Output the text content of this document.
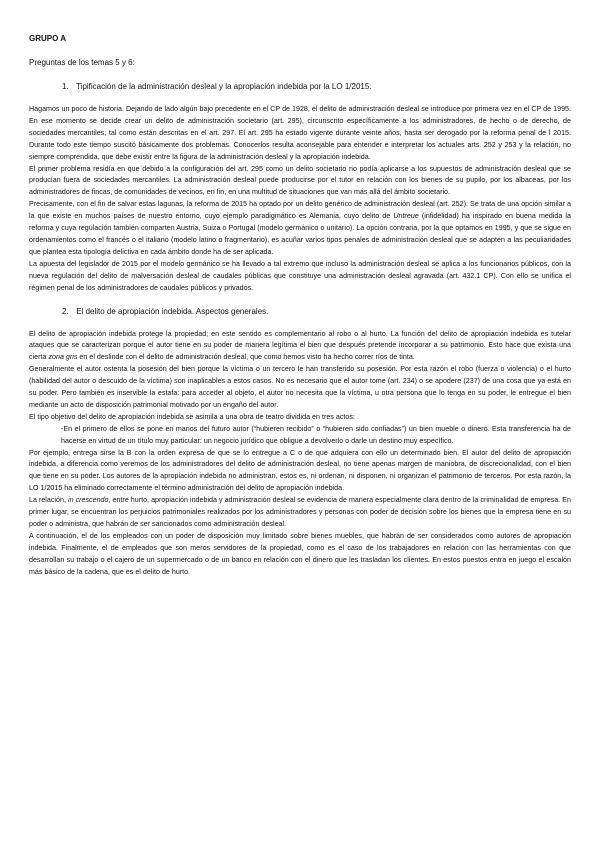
GRUPO A

Preguntas de los temas 5 y 6:
1. Tipificación de la administración desleal y la apropiación indebida por la LO 1/2015.

Hagamos un poco de historia. Dejando de lado algún bajo precedente en el CP de 1928, el delito de administración desleal se introduce por primera vez en el CP de 1995. En ese momento se decide crear un delito de administración societario (art. 295), circunscrito específicamente a los administradores, de hecho o de derecho, de sociedades mercantiles, tal como están descritas en el art. 297. El art. 295 ha estado vigente durante veinte años, hasta ser derogado por la reforma penal de l 2015. Durante todo este tiempo suscitó básicamente dos problemas. Conocerlos resulta aconsejable para entender e interpretar los actuales arts. 252 y 253 y la relación, no siempre comprendida, que debe existir entre la figura de la administración desleal y la apropiación indebida.

El primer problema residía en que debido a la configuración del art. 295 como un delito societario no podía aplicarse a los supuestos de administración desleal que se producían fuera de sociedades mercantiles. La administración desleal puede producirse por el tutor en relación con los bienes de su pupilo, por los albaceas, por los administradores de fincas, de comunidades de vecinos, en fin, en una multitud de situaciones que van más allá del ámbito societario.

Precisamente, con el fin de salvar estas lagunas, la reforma de 2015 ha optado por un delito genérico de administración desleal (art. 252). Se trata de una opción similar a la que existe en muchos países de nuestro entorno, cuyo ejemplo paradigmático es Alemania, cuyo delito de Untreue (infidelidad) ha inspirado en buena medida la reforma y cuya regulación también comparten Austria, Suiza o Portugal (modelo germánico o unitario). La opción contraria, por la que optamos en 1995, y que se sigue en ordenamientos como el francés o el italiano (modelo latino o fragmentario), es acuñar varios tipos penales de administración desleal que se adapten a las peculiaridades que plantea esta tipología delictiva en cada ámbito donde ha de ser aplicada.

La apuesta del legislador de 2015 por el modelo germánico se ha llevado a tal extremo que incluso la administración desleal se aplica a los funcionarios públicos, con la nueva regulación del delito de malversación desleal de caudales públicas que constituye una administración desleal agravada (art. 432.1 CP). Con ello se unifica el régimen penal de los administradores de caudales públicos y privados.

2. El delito de apropiación indebida. Aspectos generales.

El delito de apropiación indebida protege la propiedad; en este sentido es complementario al robo o al hurto. La función del delito de apropiación indebida es tutelar ataques que se caracterizan porque el autor tiene en su poder de manera legítima el bien que después pretende incorporar a su patrimonio. Esto hace que exista una cierta zona gris en el deslinde con el delito de administración desleal, que como hemos visto ha hecho correr ríos de tinta.

Generalmente el autor ostenta la posesión del bien porque la víctima o un tercero le han transferido su posesión. Por esta razón el robo (fuerza o violencia) o el hurto (habilidad del autor o descuido de la víctima) son inaplicables a estos casos. No es necesario que el autor tome (art. 234) o se apodere (237) de una cosa que ya está en su poder. Pero también es inservible la estafa: para acceder al objeto, el autor no necesita que la víctima, u otra persona que lo tenga en su poder, le entregue el bien mediante un acto de disposición patrimonial motivado por un engaño del autor.

El tipo objetivo del delito de apropiación indebida se asimila a una obra de teatro dividida en tres actos:

-En el primero de ellos se pone en manos del futuro autor (“hubieren recibido” o “hubieren sido confiadas”) un bien mueble o dinero. Esta transferencia ha de hacerse en virtud de un título muy particular: un negocio jurídico que obligue a devolverlo o darle un destino muy específico.

Por ejemplo, entrega sirse la B con la orden expresa de que se lo entregue a C o de que adquiera con ello un determinado bien. El autor del delito de apropiación indebida, a diferencia como veremos de los administradores del delito de administración desleal, no tiene apenas margen de maniobra, de discrecionalidad, con el bien que tiene en su poder. Los autores de la apropiación indebida no administran, estos es, ni ordenan, ni disponen, ni organizan el patrimonio de terceros. Por esta razón, la LO 1/2015 ha eliminado correctamente el término administración del delito de apropiación indebida.

La relación, in crescendo, entre hurto, apropiación indebida y administración desleal se evidencia de manera especialmente clara dentro de la criminalidad de empresa. En primer lugar, se encuentran los perjuicios patrimoniales realizados por los administradores y personas con poder de decisión sobre los bienes que la empresa tiene en su poder o administra, que habrán de ser sancionados como administración desleal.

A continuación, el de los empleados con un poder de disposición muy limitado sobre bienes muebles, que habrán de ser considerados como autores de apropiación indebida. Finalmente, el de empleados que son meros servidores de la propiedad, como es el caso de los trabajadores en relación con las herramientas con que desarrollan su trabajo o el cajero de un supermercado o de un banco en relación con el dinero que les trasladan los clientes. En estos puestos entra en juego el escalón más básico de la cadena, que es el delito de hurto.
